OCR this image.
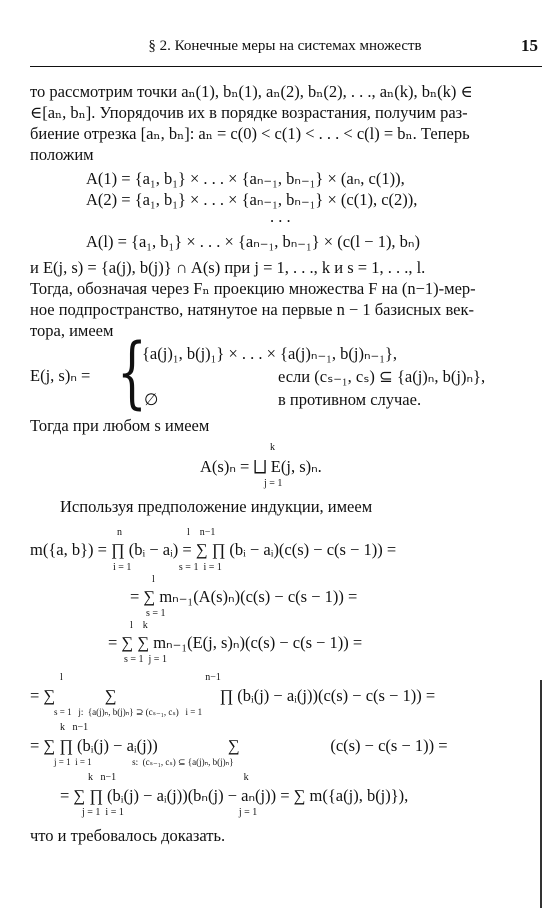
§ 2. Конечные меры на системах множеств	15
то рассмотрим точки aₙ(1), bₙ(1), aₙ(2), bₙ(2), . . ., aₙ(k), bₙ(k) ∈
∈[aₙ, bₙ]. Упорядочив их в порядке возрастания, получим раз-
биение отрезка [aₙ, bₙ]: aₙ = c(0) < c(1) < . . . < c(l) = bₙ. Теперь
положим
A(1) = {a₁, b₁} × . . . × {aₙ₋₁, bₙ₋₁} × (aₙ, c(1)),
A(2) = {a₁, b₁} × . . . × {aₙ₋₁, bₙ₋₁} × (c(1), c(2)),
. . .
A(l) = {a₁, b₁} × . . . × {aₙ₋₁, bₙ₋₁} × (c(l − 1), bₙ)
и E(j, s) = {a(j), b(j)} ∩ A(s) при j = 1, . . ., k и s = 1, . . ., l.
Тогда, обозначая через Fₙ проекцию множества F на (n−1)-мер-
ное подпространство, натянутое на первые n − 1 базисных век-
тора, имеем
E(j, s)ₙ = {
{a(j)₁, b(j)₁} × . . . × {a(j)ₙ₋₁, b(j)ₙ₋₁},
если (cₛ₋₁, cₛ) ⊆ {a(j)ₙ, b(j)ₙ},
∅	в противном случае.
Тогда при любом s имеем
k
A(s)ₙ = ⨆ E(j, s)ₙ.
j = 1
Используя предположение индукции, имеем
n                          l    n−1
m({a, b}) = ∏ (bᵢ − aᵢ) = ∑ ∏ (bᵢ − aᵢ)(c(s) − c(s − 1)) =
i = 1                   s = 1  i = 1
l
= ∑ mₙ₋₁(A(s)ₙ)(c(s) − c(s − 1)) =
s = 1
l    k
= ∑ ∑ mₙ₋₁(E(j, s)ₙ)(c(s) − c(s − 1)) =
s = 1  j = 1
l                                                         n−1
= ∑            ∑                         ∏ (bᵢ(j) − aᵢ(j))(c(s) − c(s − 1)) =
s = 1   j:  {a(j)ₙ, b(j)ₙ} ⊇ (cₛ₋₁, cₛ)   i = 1
k   n−1
= ∑ ∏ (bᵢ(j) − aᵢ(j))                 ∑                      (c(s) − c(s − 1)) =
j = 1  i = 1                  s:  (cₛ₋₁, cₛ) ⊆ {a(j)ₙ, b(j)ₙ}
k   n−1                                                   k
= ∑ ∏ (bᵢ(j) − aᵢ(j))(bₙ(j) − aₙ(j)) = ∑ m({a(j), b(j)}),
j = 1  i = 1                                              j = 1
что и требовалось доказать.
